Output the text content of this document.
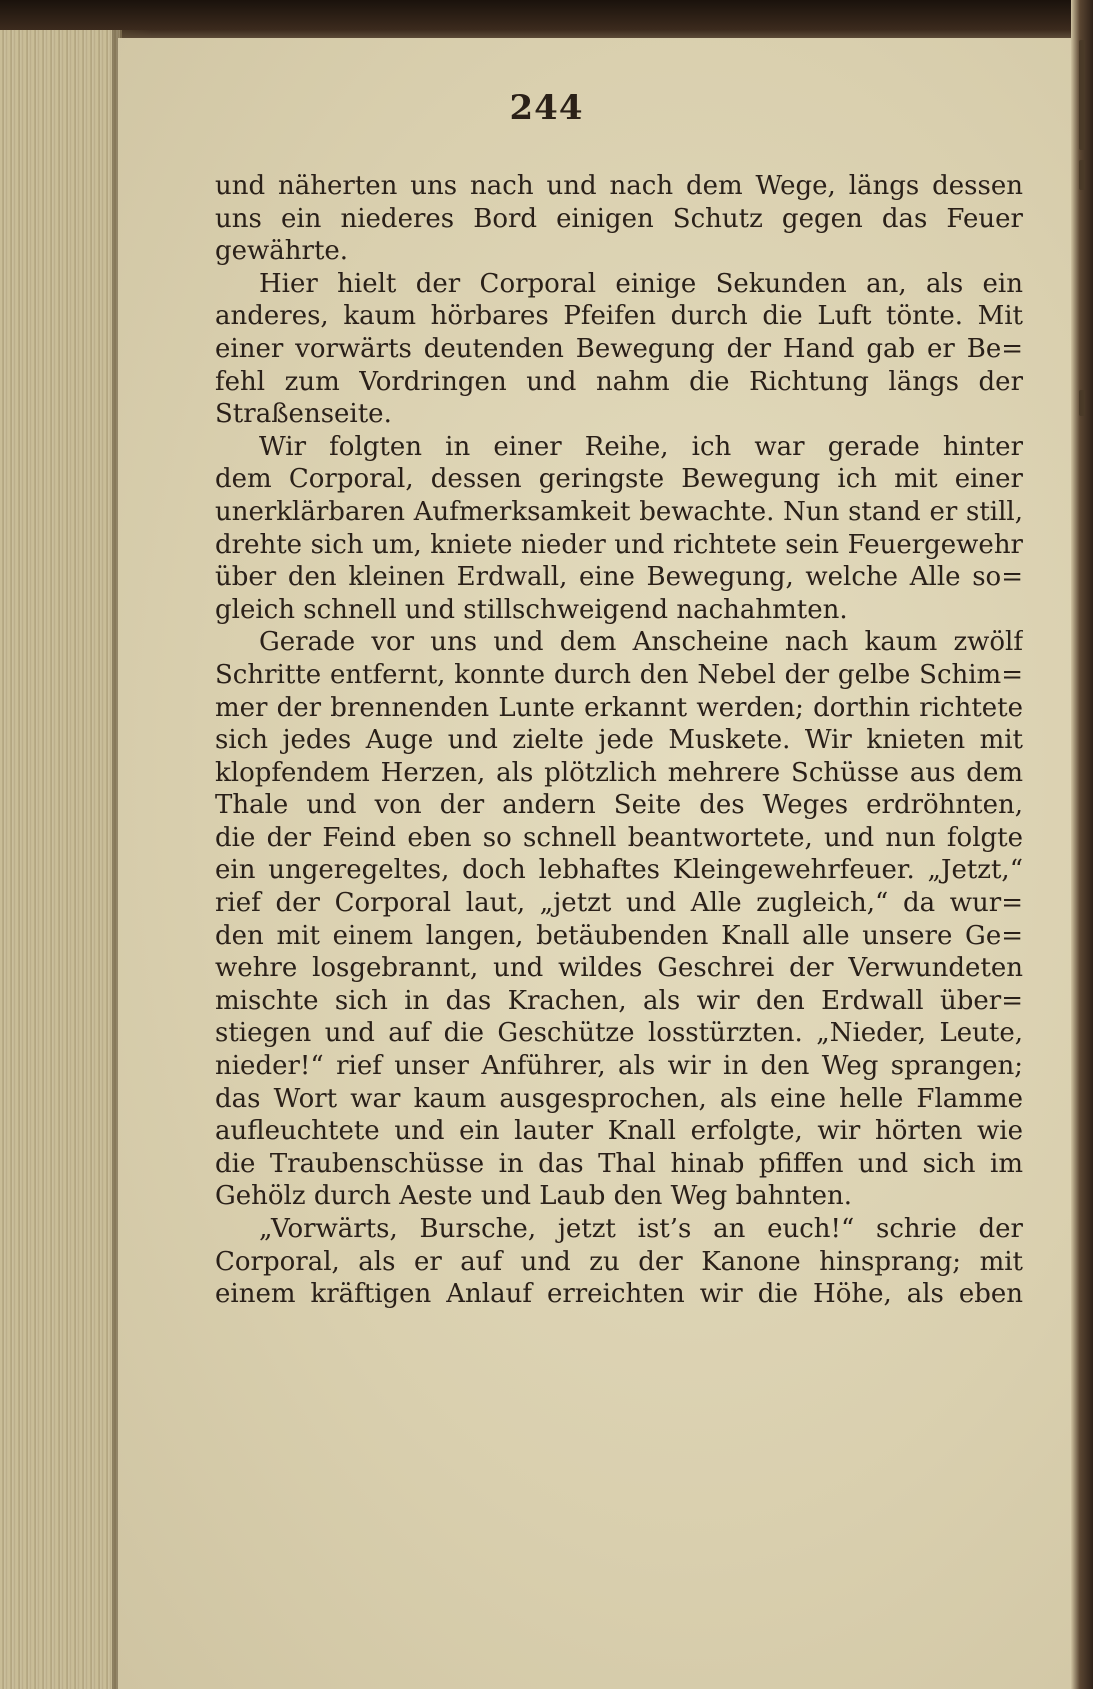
244
und näherten uns nach und nach dem Wege, längs dessen
uns ein niederes Bord einigen Schutz gegen das Feuer
gewährte.
Hier hielt der Corporal einige Sekunden an, als ein
anderes, kaum hörbares Pfeifen durch die Luft tönte. Mit
einer vorwärts deutenden Bewegung der Hand gab er Be=
fehl zum Vordringen und nahm die Richtung längs der
Straßenseite.
Wir folgten in einer Reihe, ich war gerade hinter
dem Corporal, dessen geringste Bewegung ich mit einer
unerklärbaren Aufmerksamkeit bewachte. Nun stand er still,
drehte sich um, kniete nieder und richtete sein Feuergewehr
über den kleinen Erdwall, eine Bewegung, welche Alle so=
gleich schnell und stillschweigend nachahmten.
Gerade vor uns und dem Anscheine nach kaum zwölf
Schritte entfernt, konnte durch den Nebel der gelbe Schim=
mer der brennenden Lunte erkannt werden; dorthin richtete
sich jedes Auge und zielte jede Muskete. Wir knieten mit
klopfendem Herzen, als plötzlich mehrere Schüsse aus dem
Thale und von der andern Seite des Weges erdröhnten,
die der Feind eben so schnell beantwortete, und nun folgte
ein ungeregeltes, doch lebhaftes Kleingewehrfeuer. „Jetzt,“
rief der Corporal laut, „jetzt und Alle zugleich,“ da wur=
den mit einem langen, betäubenden Knall alle unsere Ge=
wehre losgebrannt, und wildes Geschrei der Verwundeten
mischte sich in das Krachen, als wir den Erdwall über=
stiegen und auf die Geschütze losstürzten. „Nieder, Leute,
nieder!“ rief unser Anführer, als wir in den Weg sprangen;
das Wort war kaum ausgesprochen, als eine helle Flamme
aufleuchtete und ein lauter Knall erfolgte, wir hörten wie
die Traubenschüsse in das Thal hinab pfiffen und sich im
Gehölz durch Aeste und Laub den Weg bahnten.
„Vorwärts, Bursche, jetzt ist’s an euch!“ schrie der
Corporal, als er auf und zu der Kanone hinsprang; mit
einem kräftigen Anlauf erreichten wir die Höhe, als eben
